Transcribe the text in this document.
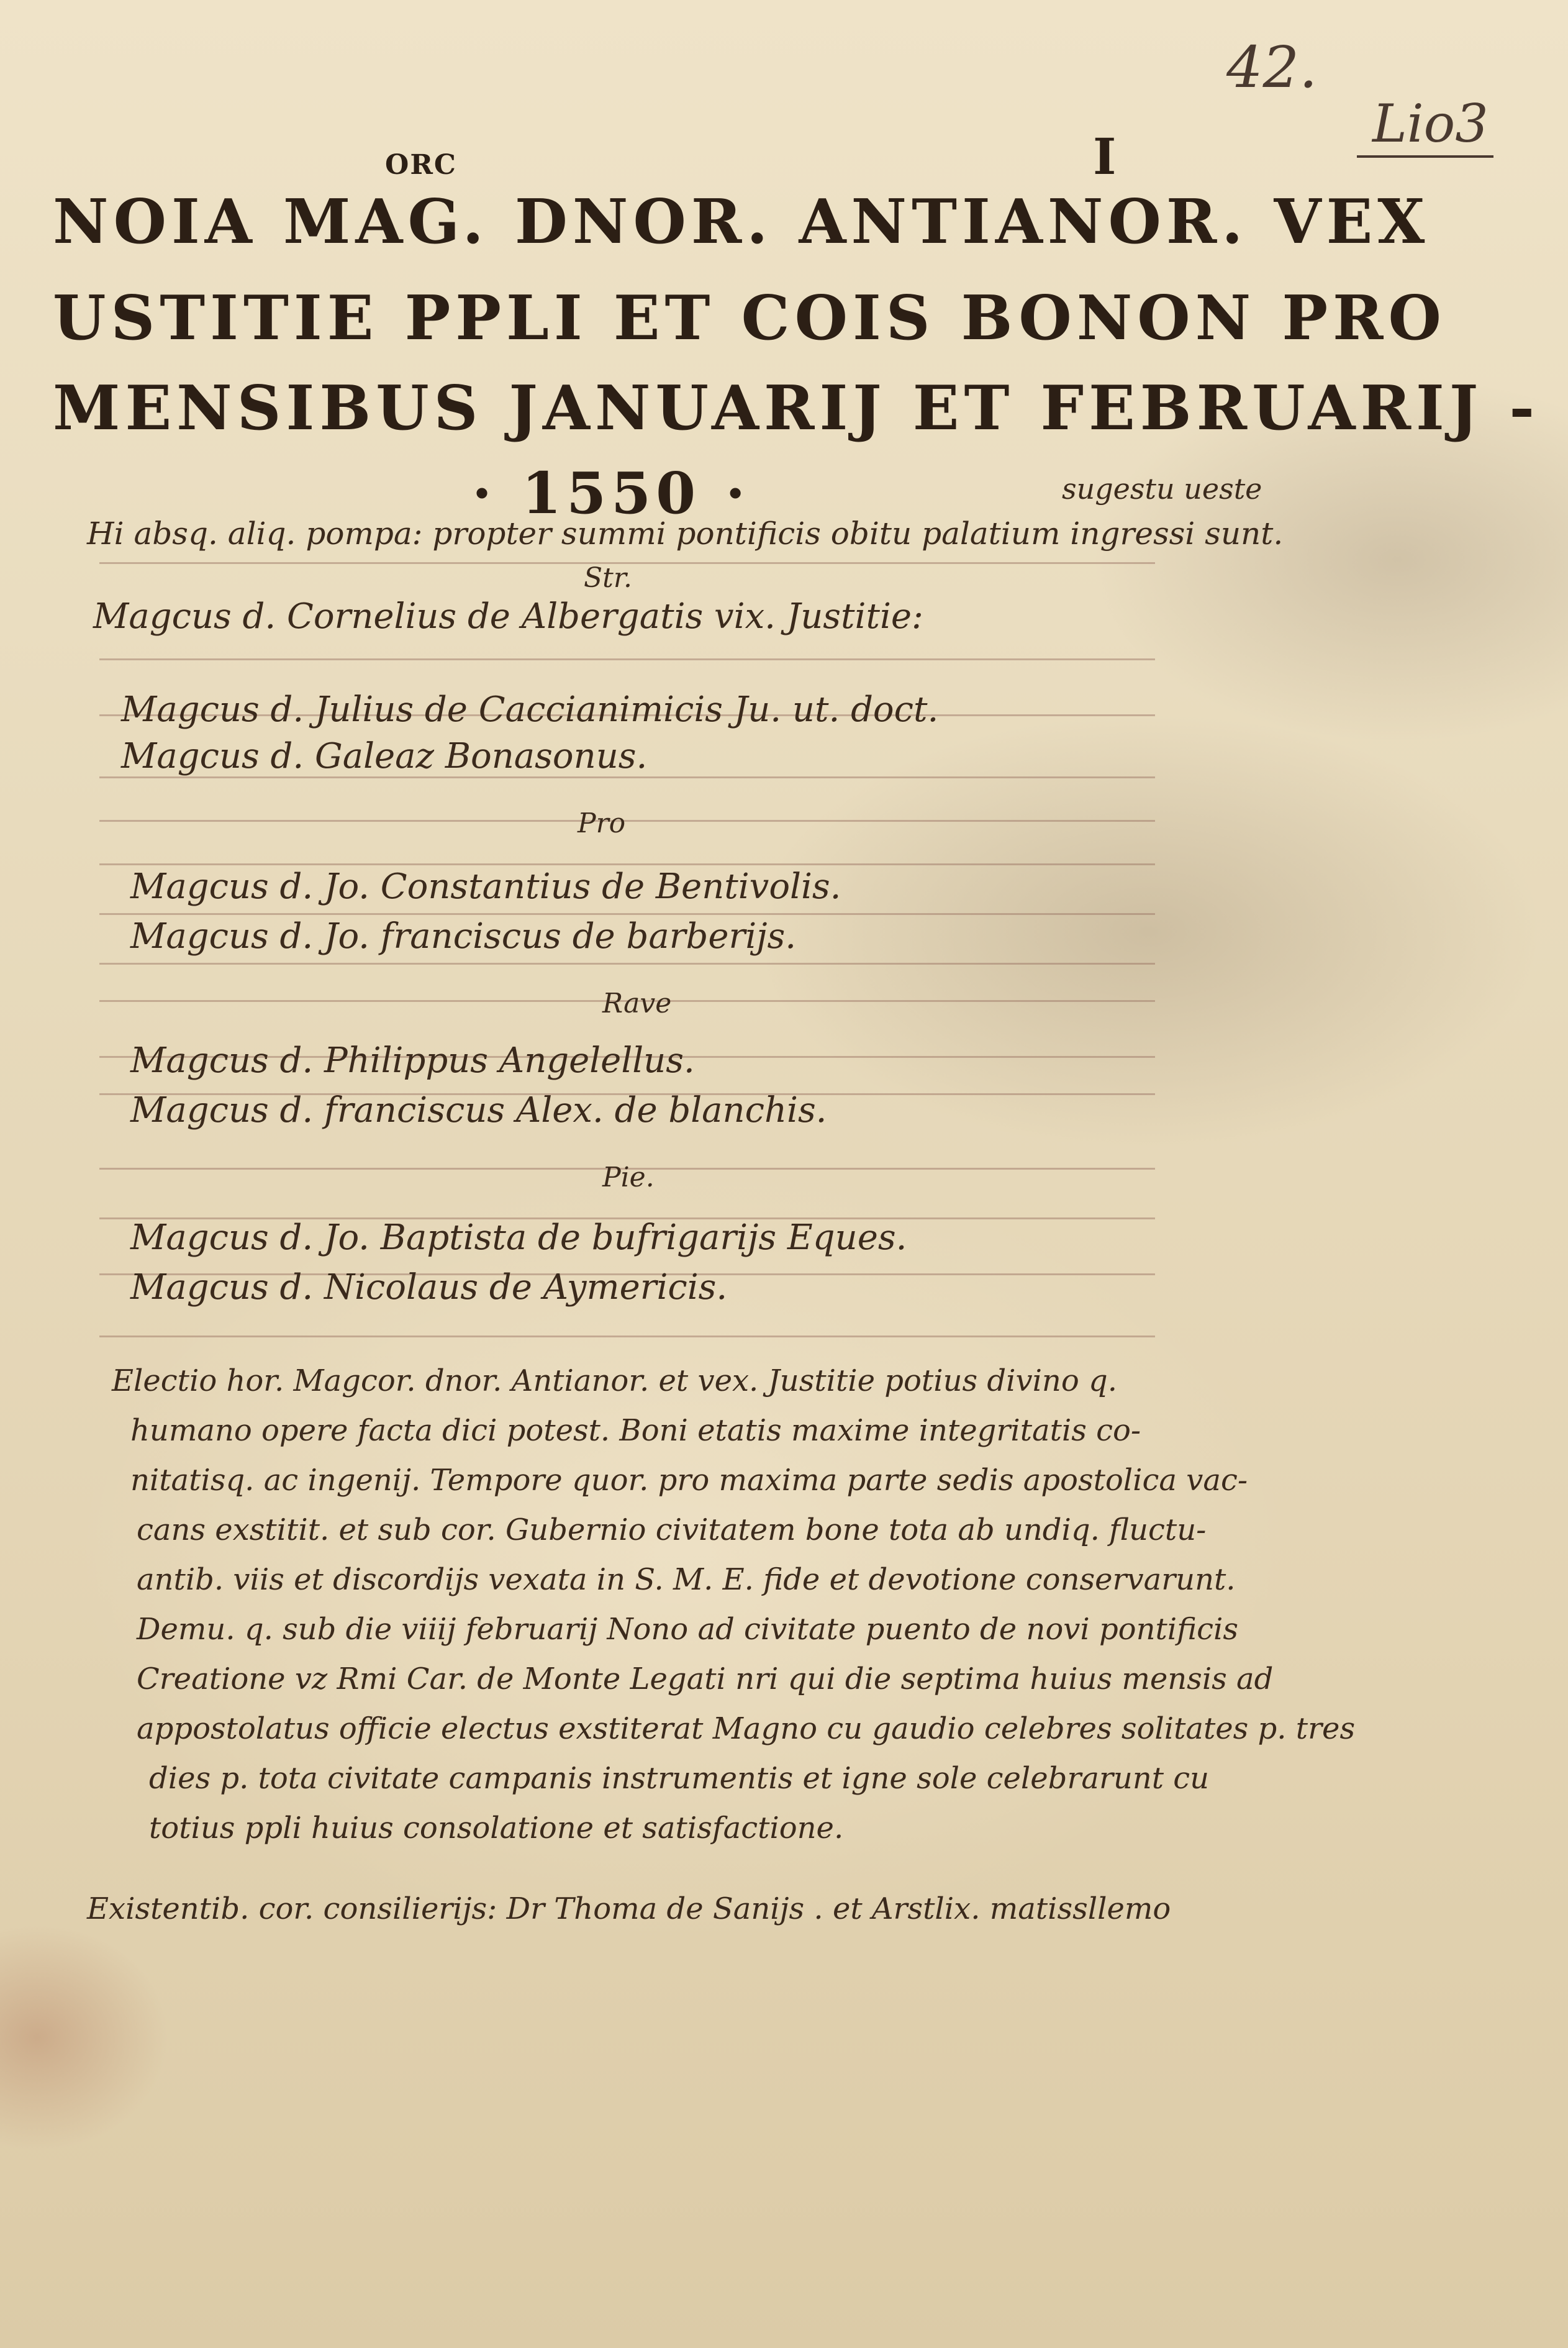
42.
Lio3
ORC	I
NOIA MAG. DNOR. ANTIANOR. VEX
USTITIE PPLI ET COIS BONON PRO
MENSIBUS JANUARIJ ET FEBRUARIJ -
· 1550 ·	sugestu ueste
Hi absq. aliq. pompa: propter summi pontificis obitu palatium ingressi sunt.
Str.
Pro
Rave
Pie.
Magcus d. Cornelius de Albergatis vix. Justitie:
Magcus d. Julius de Caccianimicis Ju. ut. doct.
Magcus d. Galeaz Bonasonus.
Magcus d. Jo. Constantius de Bentivolis.
Magcus d. Jo. franciscus de barberijs.
Magcus d. Philippus Angelellus.
Magcus d. franciscus Alex. de blanchis.
Magcus d. Jo. Baptista de bufrigarijs Eques.
Magcus d. Nicolaus de Aymericis.
Electio hor. Magcor. dnor. Antianor. et vex. Justitie potius divino q.
humano opere facta dici potest. Boni etatis maxime integritatis co-
nitatisq. ac ingenij. Tempore quor. pro maxima parte sedis apostolica vac-
cans exstitit. et sub cor. Gubernio civitatem bone tota ab undiq. fluctu-
antib. viis et discordijs vexata in S. M. E. fide et devotione conservarunt.
Demu. q. sub die viiij februarij Nono ad civitate puento de novi pontificis
Creatione vz Rmi Car. de Monte Legati nri qui die septima huius mensis ad
appostolatus officie electus exstiterat Magno cu gaudio celebres solitates p. tres
dies p. tota civitate campanis instrumentis et igne sole celebrarunt cu
totius ppli huius consolatione et satisfactione.
Existentib. cor. consilierijs: Dr Thoma de Sanijs . et Arstlix. matissllemo
